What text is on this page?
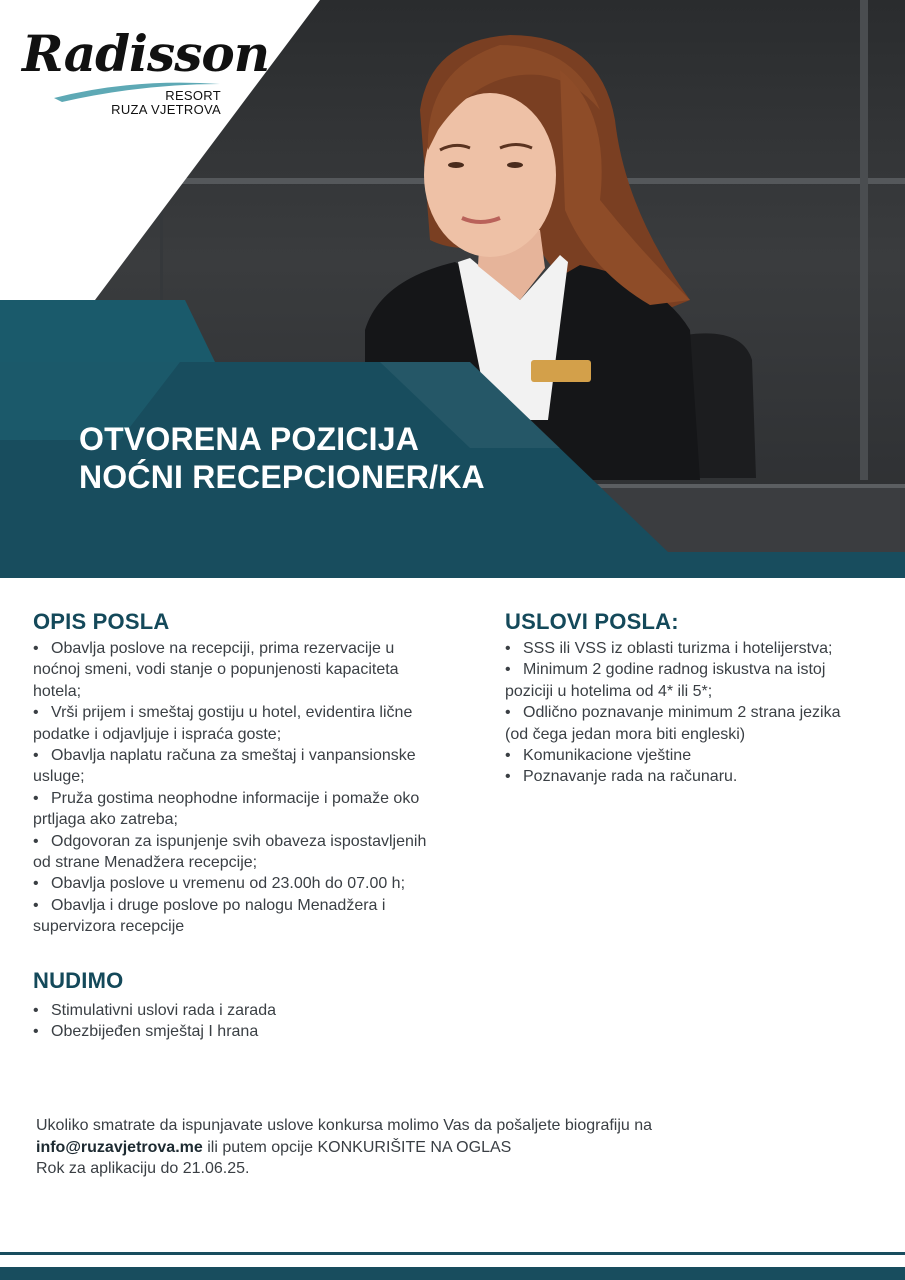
Radisson
RESORT
RUZA VJETROVA
OTVORENA POZICIJA
NOĆNI RECEPCIONER/KA
OPIS POSLA
• Obavlja poslove na recepciji, prima rezervacije u
noćnoj smeni, vodi stanje o popunjenosti kapaciteta
hotela;
• Vrši prijem i smeštaj gostiju u hotel, evidentira lične
podatke i odjavljuje i ispraća goste;
• Obavlja naplatu računa za smeštaj i vanpansionske
usluge;
• Pruža gostima neophodne informacije i pomaže oko
prtljaga ako zatreba;
• Odgovoran za ispunjenje svih obaveza ispostavljenih
od strane Menadžera recepcije;
• Obavlja poslove u vremenu od 23.00h do 07.00 h;
• Obavlja i druge poslove po nalogu Menadžera i
supervizora recepcije
USLOVI POSLA:
• SSS ili VSS iz oblasti turizma i hotelijerstva;
• Minimum 2 godine radnog iskustva na istoj
poziciji u hotelima od 4* ili 5*;
• Odlično poznavanje minimum 2 strana jezika
(od čega jedan mora biti engleski)
• Komunikacione vještine
• Poznavanje rada na računaru.
NUDIMO
• Stimulativni uslovi rada i zarada
• Obezbijeđen smještaj I hrana
Ukoliko smatrate da ispunjavate uslove konkursa molimo Vas da pošaljete biografiju na
info@ruzavjetrova.me ili putem opcije KONKURIŠITE NA OGLAS
Rok za aplikaciju do 21.06.25.
